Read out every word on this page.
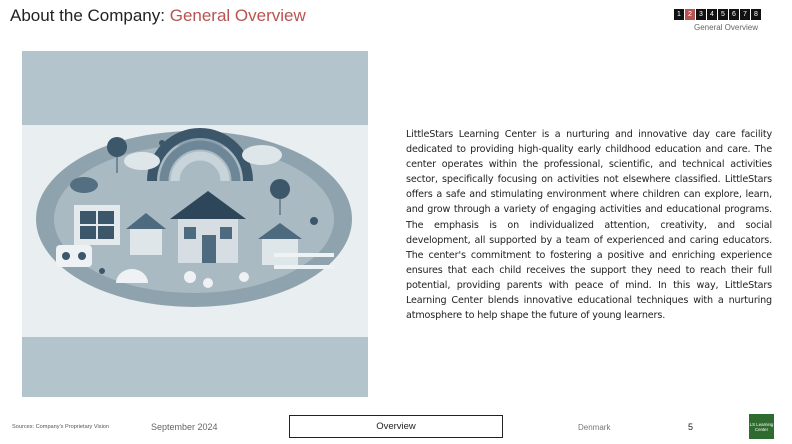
About the Company: General Overview	1	2	3	4	5	6	7	8
General Overview
LittleStars Learning Center is a nurturing and innovative day care facility dedicated to providing high-quality early childhood education and care. The center operates within the professional, scientific, and technical activities sector, specifically focusing on activities not elsewhere classified. LittleStars offers a safe and stimulating environment where children can explore, learn, and grow through a variety of engaging activities and educational programs. The emphasis is on individualized attention, creativity, and social development, all supported by a team of experienced and caring educators. The center's commitment to fostering a positive and enriching experience ensures that each child receives the support they need to reach their full potential, providing parents with peace of mind. In this way, LittleStars Learning Center blends innovative educational techniques with a nurturing atmosphere to help shape the future of young learners.
Sources: Company's Proprietary Vision	September 2024	Overview	Denmark	5	LS Learning Center
